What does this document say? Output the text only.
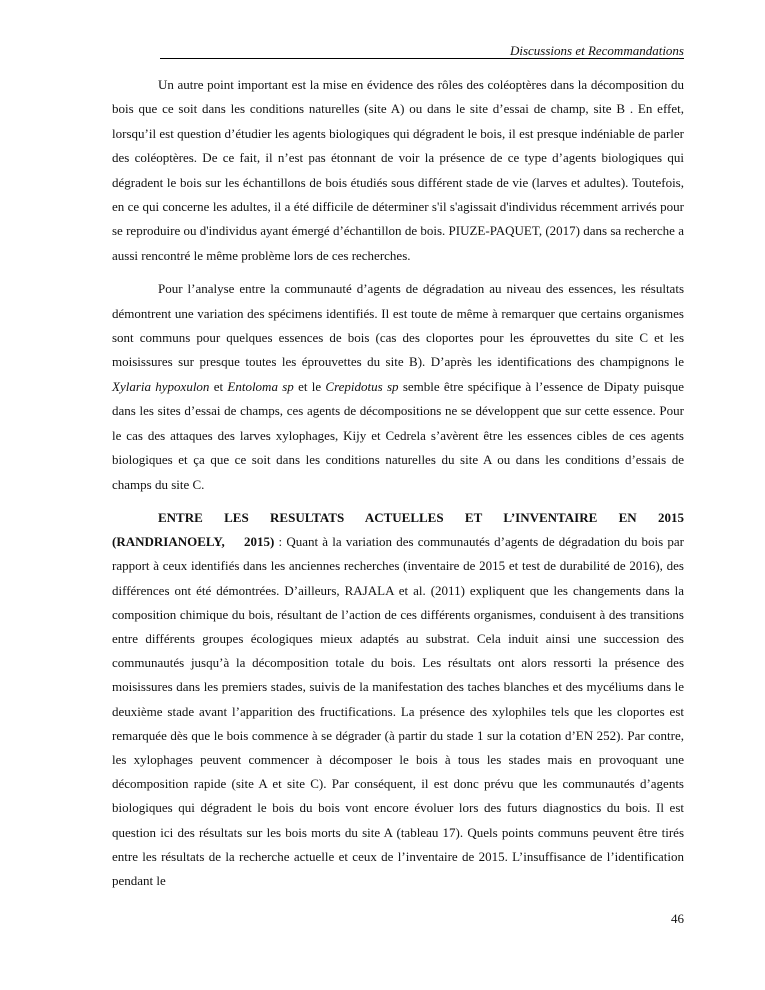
Discussions et Recommandations

Un autre point important est la mise en évidence des rôles des coléoptères dans la décomposition du bois que ce soit dans les conditions naturelles (site A) ou dans le site d’essai de champ, site B . En effet, lorsqu’il est question d’étudier les agents biologiques qui dégradent le bois, il est presque indéniable de parler des coléoptères. De ce fait, il n’est pas étonnant de voir la présence de ce type d’agents biologiques qui dégradent le bois sur les échantillons de bois étudiés sous différent stade de vie (larves et adultes). Toutefois, en ce qui concerne les adultes, il a été difficile de déterminer s'il s'agissait d'individus récemment arrivés pour se reproduire ou d'individus ayant émergé d’échantillon de bois. PIUZE-PAQUET, (2017) dans sa recherche a aussi rencontré le même problème lors de ces recherches.

Pour l’analyse entre la communauté d’agents de dégradation au niveau des essences, les résultats démontrent une variation des spécimens identifiés. Il est toute de même à remarquer que certains organismes sont communs pour quelques essences de bois (cas des cloportes pour les éprouvettes du site C et les moisissures sur presque toutes les éprouvettes du site B). D’après les identifications des champignons le Xylaria hypoxulon et Entoloma sp et le Crepidotus sp semble être spécifique à l’essence de Dipaty puisque dans les sites d’essai de champs, ces agents de décompositions ne se développent que sur cette essence. Pour le cas des attaques des larves xylophages, Kijy et Cedrela s’avèrent être les essences cibles de ces agents biologiques et ça que ce soit dans les conditions naturelles du site A ou dans les conditions d’essais de champs du site C.

ENTRE LES RESULTATS ACTUELLES ET L’INVENTAIRE EN 2015 (RANDRIANOELY, 2015) : Quant à la variation des communautés d’agents de dégradation du bois par rapport à ceux identifiés dans les anciennes recherches (inventaire de 2015 et test de durabilité de 2016), des différences ont été démontrées. D’ailleurs, RAJALA et al. (2011) expliquent que les changements dans la composition chimique du bois, résultant de l’action de ces différents organismes, conduisent à des transitions entre différents groupes écologiques mieux adaptés au substrat. Cela induit ainsi une succession des communautés jusqu’à la décomposition totale du bois. Les résultats ont alors ressorti la présence des moisissures dans les premiers stades, suivis de la manifestation des taches blanches et des mycéliums dans le deuxième stade avant l’apparition des fructifications. La présence des xylophiles tels que les cloportes est remarquée dès que le bois commence à se dégrader (à partir du stade 1 sur la cotation d’EN 252). Par contre, les xylophages peuvent commencer à décomposer le bois à tous les stades mais en provoquant une décomposition rapide (site A et site C). Par conséquent, il est donc prévu que les communautés d’agents biologiques qui dégradent le bois du bois vont encore évoluer lors des futurs diagnostics du bois. Il est question ici des résultats sur les bois morts du site A (tableau 17). Quels points communs peuvent être tirés entre les résultats de la recherche actuelle et ceux de l’inventaire de 2015. L’insuffisance de l’identification pendant le

46
